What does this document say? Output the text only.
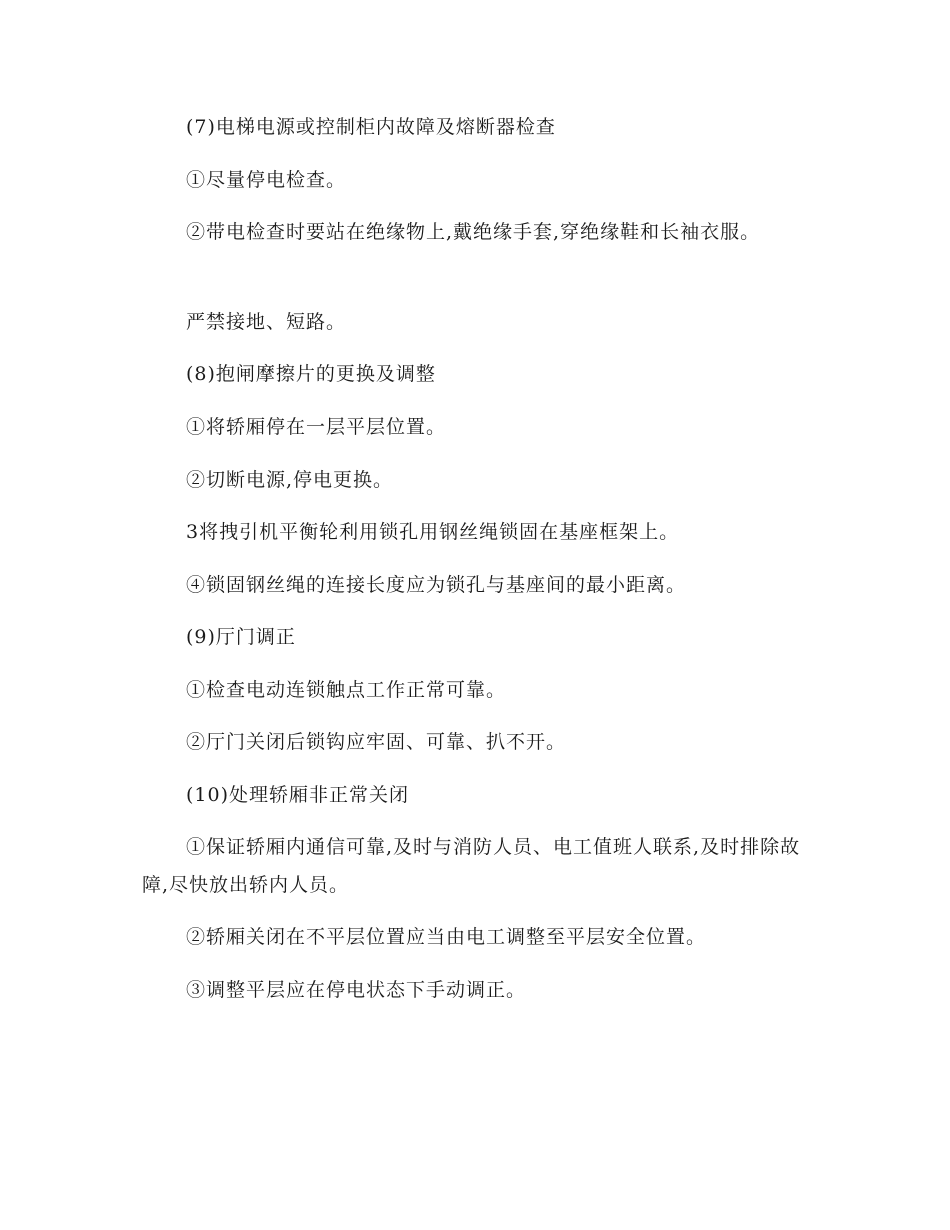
(7)电梯电源或控制柜内故障及熔断器检查

①尽量停电检查。

②带电检查时要站在绝缘物上,戴绝缘手套,穿绝缘鞋和长袖衣服。

严禁接地、短路。

(8)抱闸摩擦片的更换及调整

①将轿厢停在一层平层位置。

②切断电源,停电更换。

3将拽引机平衡轮利用锁孔用钢丝绳锁固在基座框架上。

④锁固钢丝绳的连接长度应为锁孔与基座间的最小距离。

(9)厅门调正

①检查电动连锁触点工作正常可靠。

②厅门关闭后锁钩应牢固、可靠、扒不开。

(10)处理轿厢非正常关闭

①保证轿厢内通信可靠,及时与消防人员、电工值班人联系,及时排除故障,尽快放出轿内人员。

②轿厢关闭在不平层位置应当由电工调整至平层安全位置。

③调整平层应在停电状态下手动调正。
